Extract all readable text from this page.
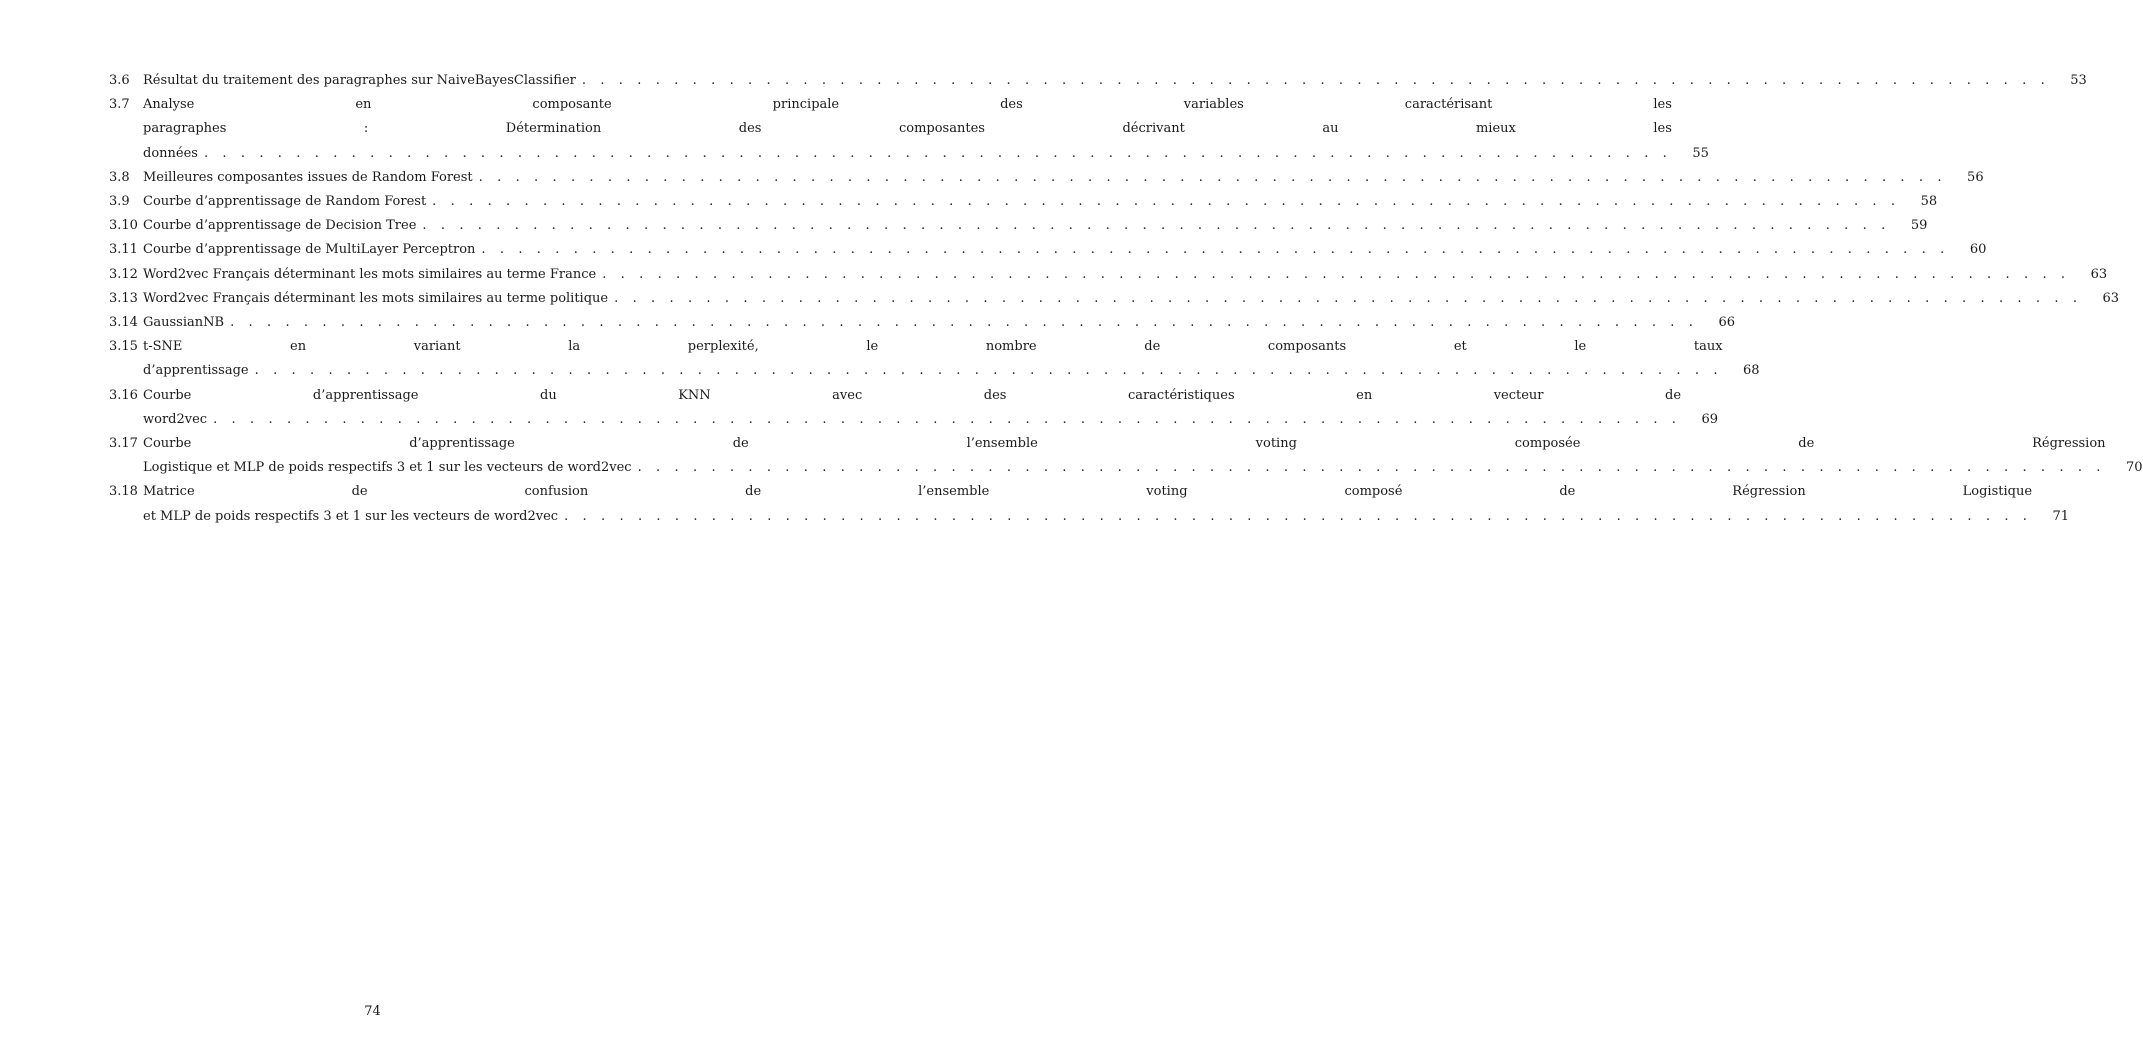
3.6	Résultat du traitement des paragraphes sur NaiveBayesClassifier . . . . . . . . . . . . . . . . . . . . . . . . . . . . . . . . . . . . . . . . . . . . . . . . . . . . . . . . . . . . . . . . . . . . . . . . . . . . . . . .	53
3.7	Analyse en composante principale des variables caractérisant les
paragraphes : Détermination des composantes décrivant au mieux les
données . . . . . . . . . . . . . . . . . . . . . . . . . . . . . . . . . . . . . . . . . . . . . . . . . . . . . . . . . . . . . . . . . . . . . . . . . . . . . . . .	55
3.8	Meilleures composantes issues de Random Forest . . . . . . . . . . . . . . . . . . . . . . . . . . . . . . . . . . . . . . . . . . . . . . . . . . . . . . . . . . . . . . . . . . . . . . . . . . . . . . . .	56
3.9	Courbe d’apprentissage de Random Forest . . . . . . . . . . . . . . . . . . . . . . . . . . . . . . . . . . . . . . . . . . . . . . . . . . . . . . . . . . . . . . . . . . . . . . . . . . . . . . . .	58
3.10 Courbe d’apprentissage de Decision Tree . . . . . . . . . . . . . . . . . . . . . . . . . . . . . . . . . . . . . . . . . . . . . . . . . . . . . . . . . . . . . . . . . . . . . . . . . . . . . . . .	59
3.11 Courbe d’apprentissage de MultiLayer Perceptron . . . . . . . . . . . . . . . . . . . . . . . . . . . . . . . . . . . . . . . . . . . . . . . . . . . . . . . . . . . . . . . . . . . . . . . . . . . . . . . .	60
3.12 Word2vec Français déterminant les mots similaires au terme France . . . . . . . . . . . . . . . . . . . . . . . . . . . . . . . . . . . . . . . . . . . . . . . . . . . . . . . . . . . . . . . . . . . . . . . . . . . . . . . .	63
3.13 Word2vec Français déterminant les mots similaires au terme politique . . . . . . . . . . . . . . . . . . . . . . . . . . . . . . . . . . . . . . . . . . . . . . . . . . . . . . . . . . . . . . . . . . . . . . . . . . . . . . . .	63
3.14 GaussianNB . . . . . . . . . . . . . . . . . . . . . . . . . . . . . . . . . . . . . . . . . . . . . . . . . . . . . . . . . . . . . . . . . . . . . . . . . . . . . . . .	66
3.15 t-SNE en variant la perplexité, le nombre de composants et le taux
d’apprentissage . . . . . . . . . . . . . . . . . . . . . . . . . . . . . . . . . . . . . . . . . . . . . . . . . . . . . . . . . . . . . . . . . . . . . . . . . . . . . . . .	68
3.16 Courbe d’apprentissage du KNN avec des caractéristiques en vecteur de
word2vec . . . . . . . . . . . . . . . . . . . . . . . . . . . . . . . . . . . . . . . . . . . . . . . . . . . . . . . . . . . . . . . . . . . . . . . . . . . . . . . .	69
3.17 Courbe d’apprentissage de l’ensemble voting composée de Régression
Logistique et MLP de poids respectifs 3 et 1 sur les vecteurs de word2vec . . . . . . . . . . . . . . . . . . . . . . . . . . . . . . . . . . . . . . . . . . . . . . . . . . . . . . . . . . . . . . . . . . . . . . . . . . . . . . . .	70
3.18 Matrice de confusion de l’ensemble voting composé de Régression Logistique
et MLP de poids respectifs 3 et 1 sur les vecteurs de word2vec . . . . . . . . . . . . . . . . . . . . . . . . . . . . . . . . . . . . . . . . . . . . . . . . . . . . . . . . . . . . . . . . . . . . . . . . . . . . . . . .	71
74
